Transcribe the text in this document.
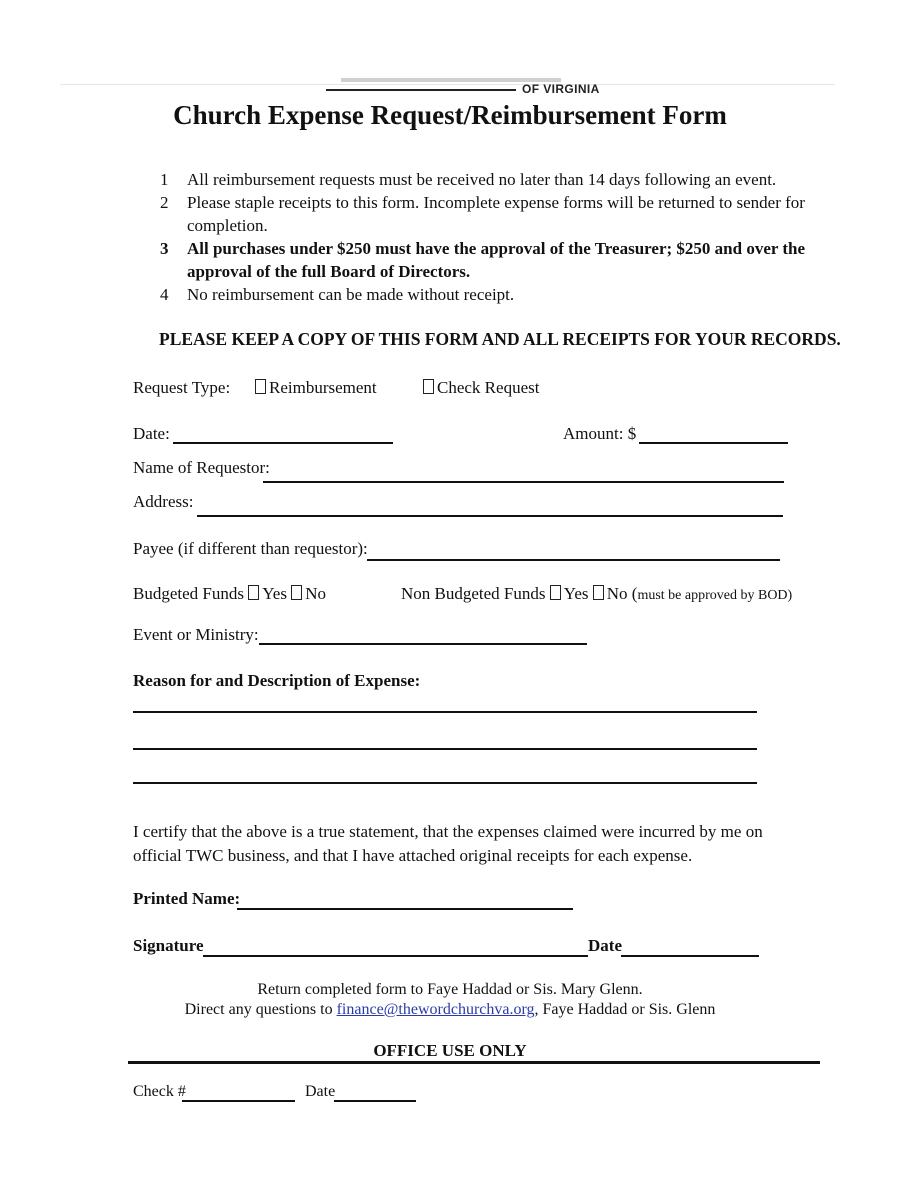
OF VIRGINIA
Church Expense Request/Reimbursement Form
1	All reimbursement requests must be received no later than 14 days following an event.
2	Please staple receipts to this form. Incomplete expense forms will be returned to sender for completion.
3	All purchases under $250 must have the approval of the Treasurer; $250 and over the approval of the full Board of Directors.
4	No reimbursement can be made without receipt.
PLEASE KEEP A COPY OF THIS FORM AND ALL RECEIPTS FOR YOUR RECORDS.
Request Type:	Reimbursement	Check Request
Date:	Amount: $
Name of Requestor:
Address:
Payee (if different than requestor):
Budgeted Funds Yes No	Non Budgeted Funds Yes No (must be approved by BOD)
Event or Ministry:
Reason for and Description of Expense:
I certify that the above is a true statement, that the expenses claimed were incurred by me on official TWC business, and that I have attached original receipts for each expense.
Printed Name:
Signature	Date
Return completed form to Faye Haddad or Sis. Mary Glenn.
Direct any questions to finance@thewordchurchva.org, Faye Haddad or Sis. Glenn
OFFICE USE ONLY
Check #	Date
